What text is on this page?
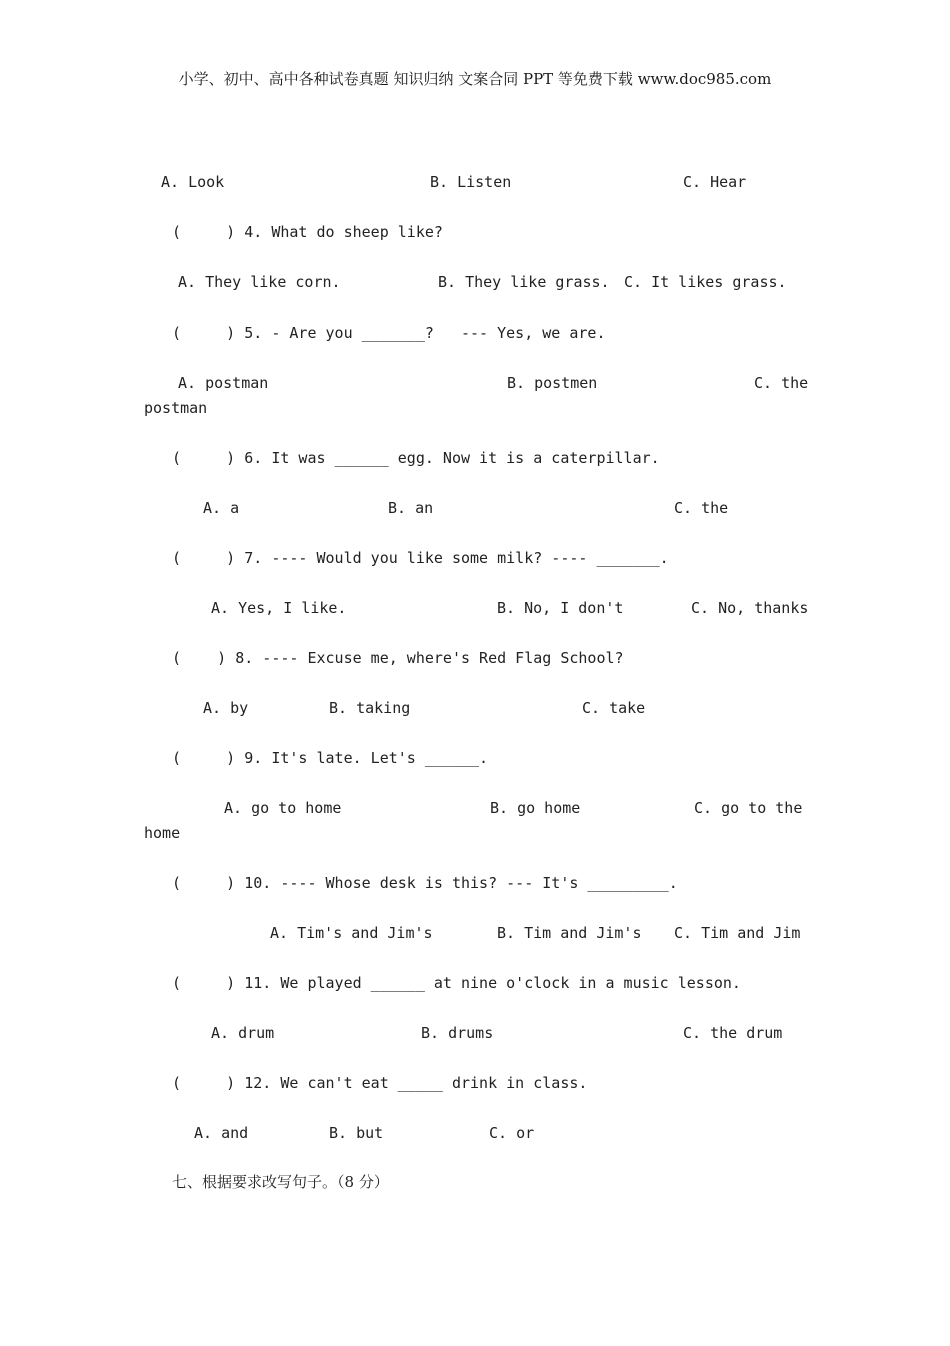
小学、初中、高中各种试卷真题 知识归纳 文案合同 PPT 等免费下载 www.doc985.com
A. Look	B. Listen	C. Hear
(     ) 4. What do sheep like?
A. They like corn.	B. They like grass. C. It likes grass.
(     ) 5. - Are you _______?   --- Yes, we are.
A. postman	B. postmen	C. the
postman
(     ) 6. It was ______ egg. Now it is a caterpillar.
A. a	B. an	C. the
(     ) 7. ---- Would you like some milk? ---- _______.
A. Yes, I like.	B. No, I don't	C. No, thanks
(    ) 8. ---- Excuse me, where's Red Flag School?
A. by	B. taking	C. take
(     ) 9. It's late. Let's ______.
A. go to home	B. go home	C. go to the
home
(     ) 10. ---- Whose desk is this? --- It's _________.
A. Tim's and Jim's	B. Tim and Jim's C. Tim and Jim
(     ) 11. We played ______ at nine o'clock in a music lesson.
A. drum	B. drums	C. the drum
(     ) 12. We can't eat _____ drink in class.
A. and	B. but	C. or
七、根据要求改写句子。（8 分）
